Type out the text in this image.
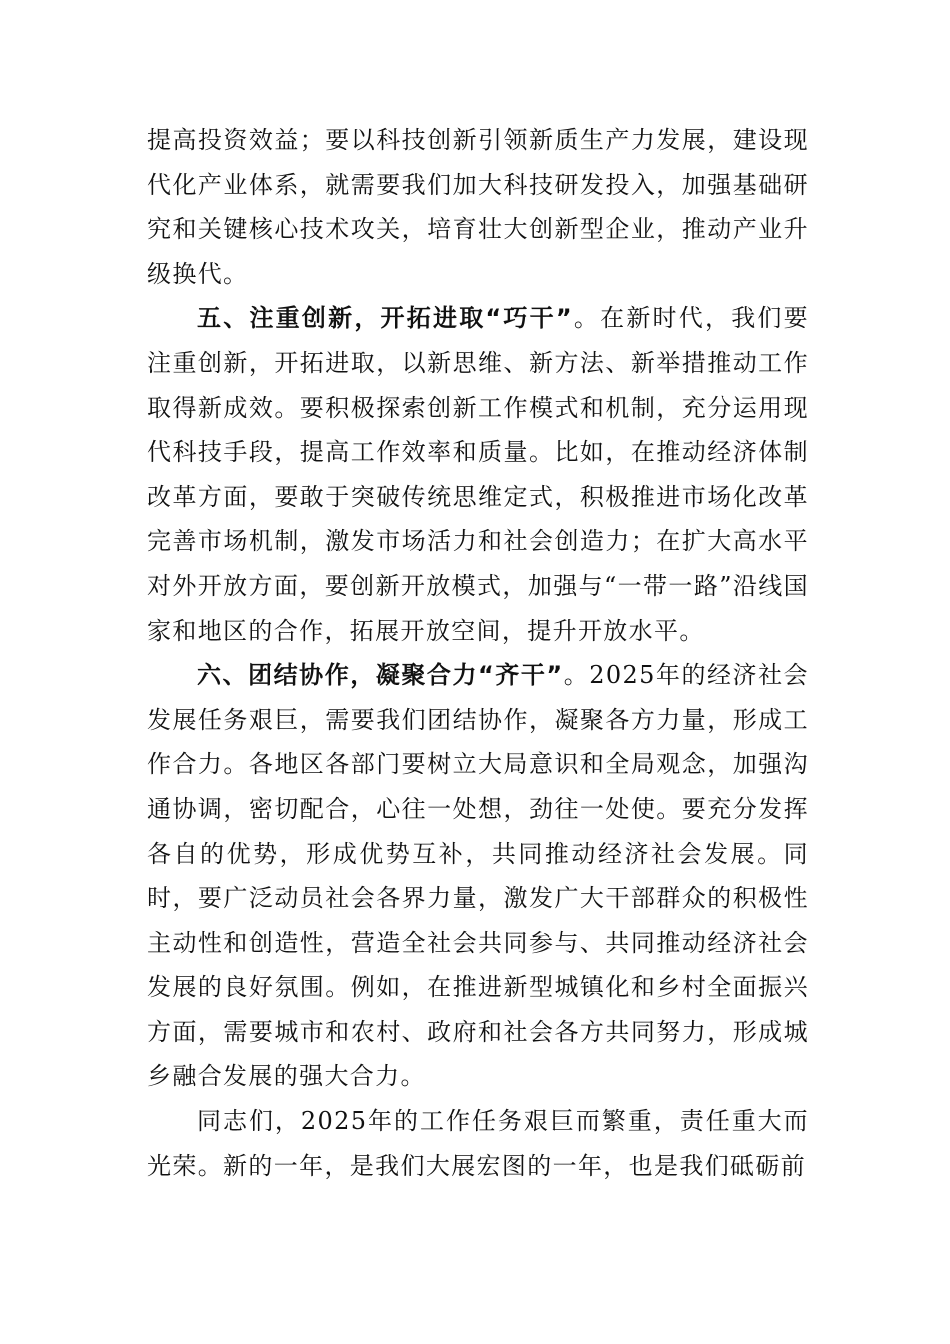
提高投资效益；要以科技创新引领新质生产力发展，建设现代化产业体系，就需要我们加大科技研发投入，加强基础研究和关键核心技术攻关，培育壮大创新型企业，推动产业升级换代。

五、注重创新，开拓进取“巧干”。在新时代，我们要注重创新，开拓进取，以新思维、新方法、新举措推动工作取得新成效。要积极探索创新工作模式和机制，充分运用现代科技手段，提高工作效率和质量。比如，在推动经济体制改革方面，要敢于突破传统思维定式，积极推进市场化改革完善市场机制，激发市场活力和社会创造力；在扩大高水平对外开放方面，要创新开放模式，加强与“一带一路”沿线国家和地区的合作，拓展开放空间，提升开放水平。

六、团结协作，凝聚合力“齐干”。2025年的经济社会发展任务艰巨，需要我们团结协作，凝聚各方力量，形成工作合力。各地区各部门要树立大局意识和全局观念，加强沟通协调，密切配合，心往一处想，劲往一处使。要充分发挥各自的优势，形成优势互补，共同推动经济社会发展。同时，要广泛动员社会各界力量，激发广大干部群众的积极性主动性和创造性，营造全社会共同参与、共同推动经济社会发展的良好氛围。例如，在推进新型城镇化和乡村全面振兴方面，需要城市和农村、政府和社会各方共同努力，形成城乡融合发展的强大合力。

同志们，2025年的工作任务艰巨而繁重，责任重大而光荣。新的一年，是我们大展宏图的一年，也是我们砥砺前
